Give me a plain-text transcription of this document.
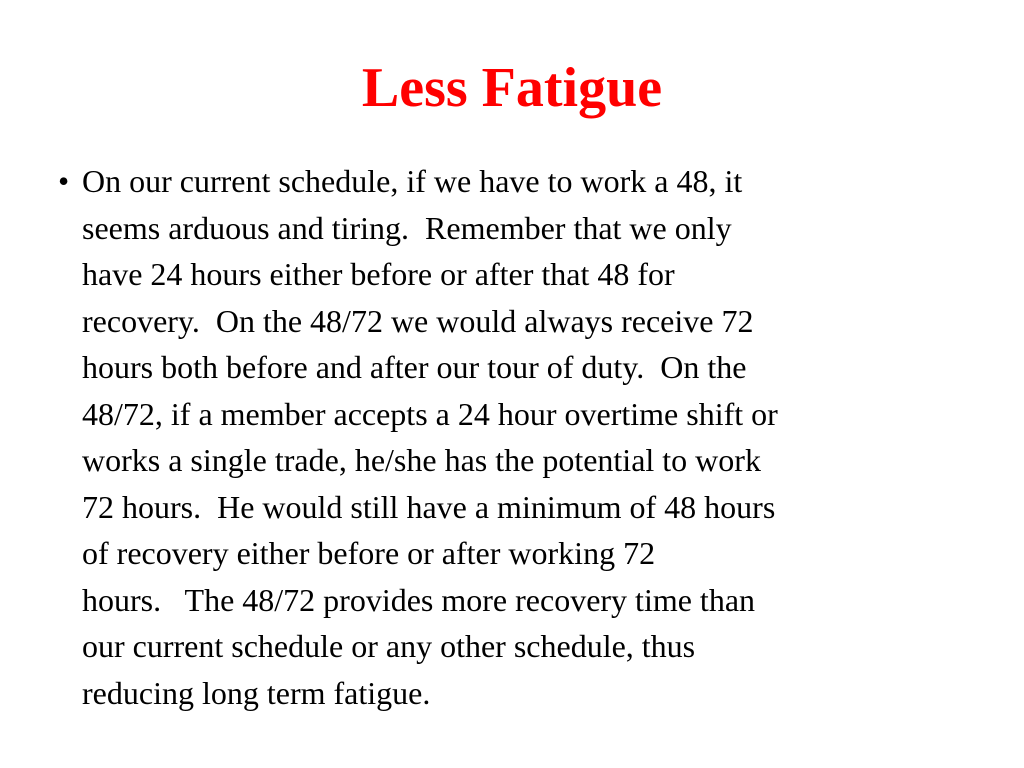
Less Fatigue
• On our current schedule, if we have to work a 48, it
seems arduous and tiring.  Remember that we only
have 24 hours either before or after that 48 for
recovery.  On the 48/72 we would always receive 72
hours both before and after our tour of duty.  On the
48/72, if a member accepts a 24 hour overtime shift or
works a single trade, he/she has the potential to work
72 hours.  He would still have a minimum of 48 hours
of recovery either before or after working 72
hours.   The 48/72 provides more recovery time than
our current schedule or any other schedule, thus
reducing long term fatigue.
